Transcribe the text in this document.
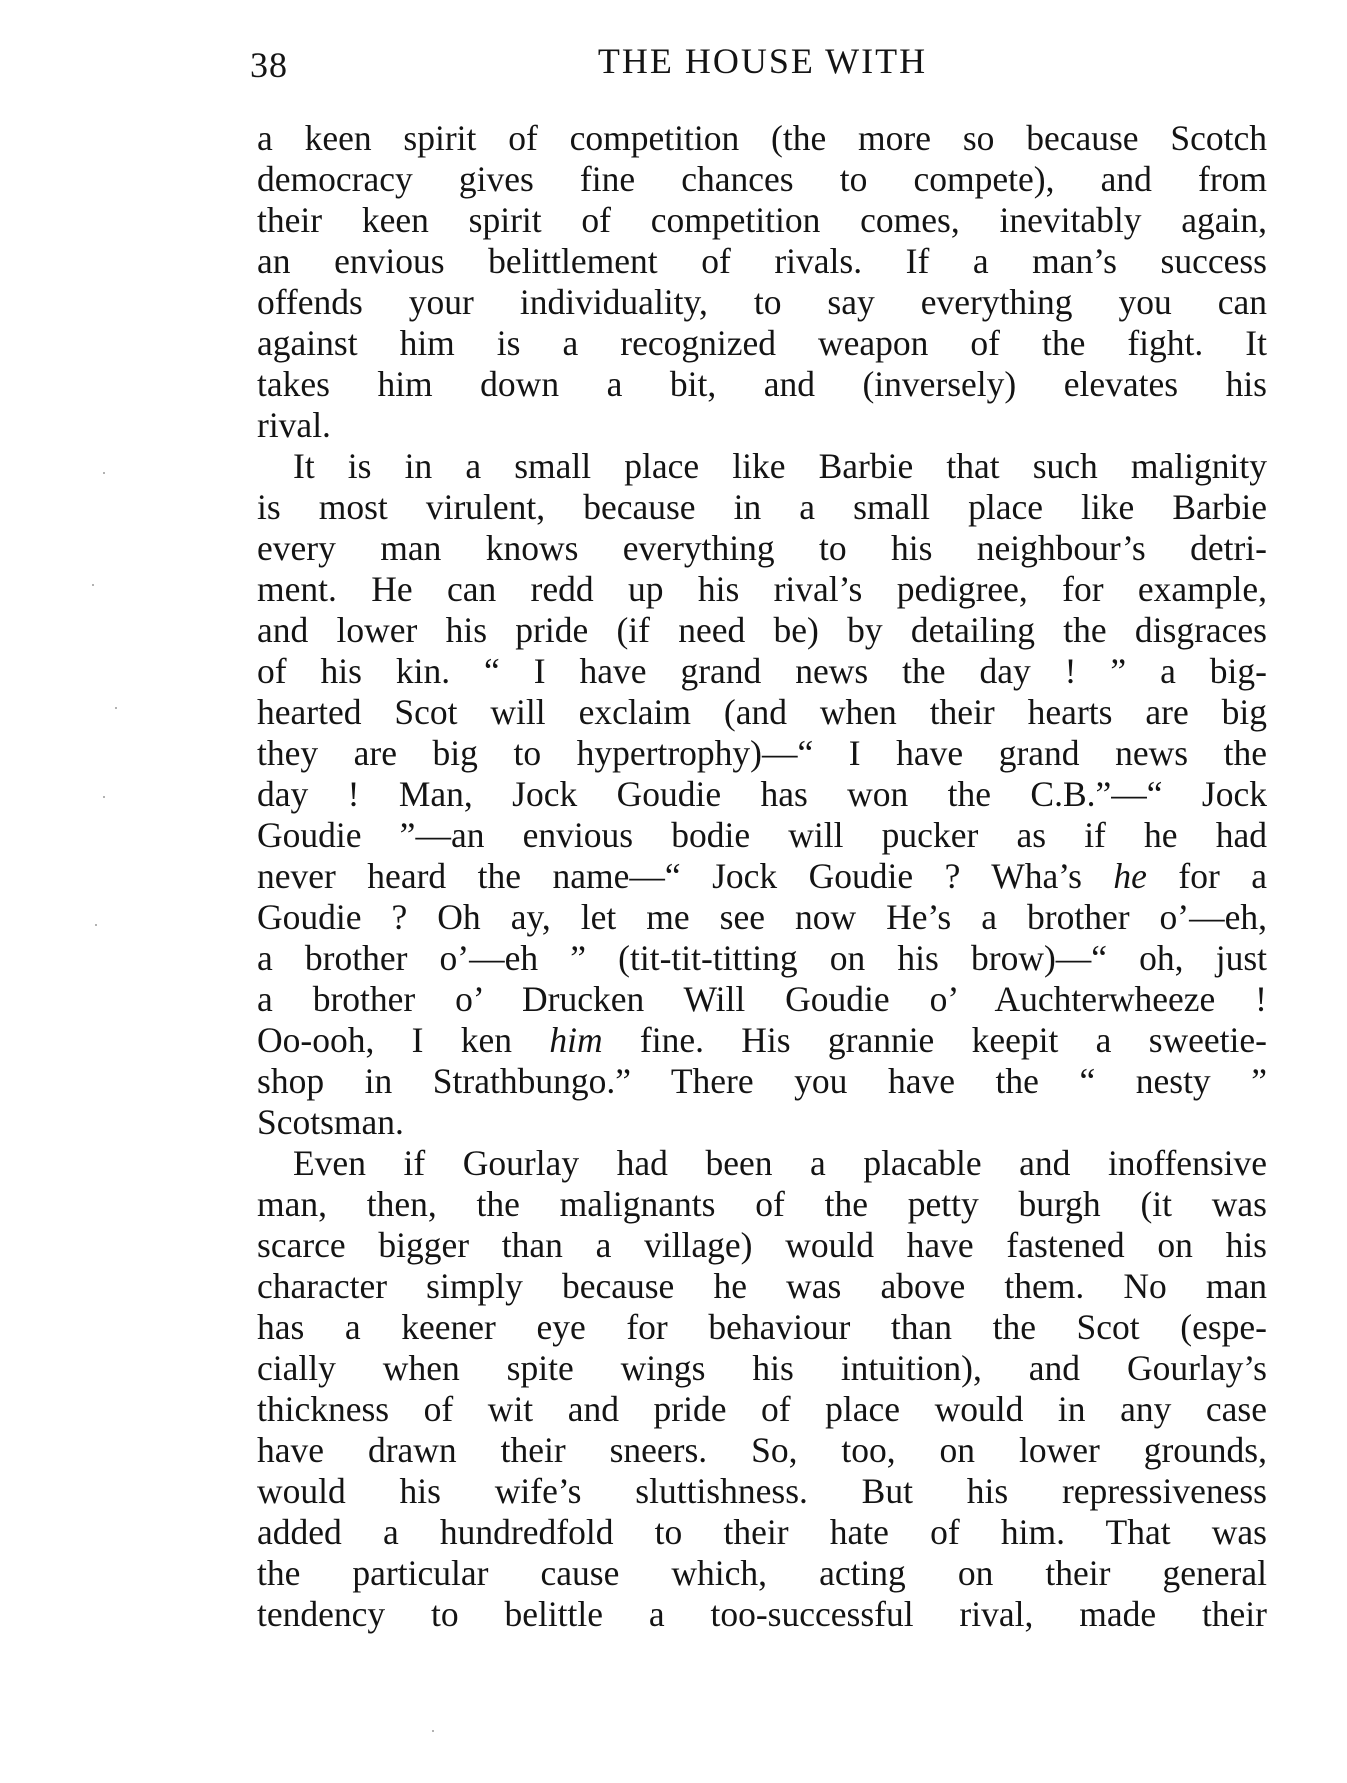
38	THE HOUSE WITH

a keen spirit of competition (the more so because Scotch

democracy gives fine chances to compete), and from

their keen spirit of competition comes, inevitably again,

an envious belittlement of rivals. If a man’s success

offends your individuality, to say everything you can

against him is a recognized weapon of the fight. It

takes him down a bit, and (inversely) elevates his

rival.

It is in a small place like Barbie that such malignity

is most virulent, because in a small place like Barbie

every man knows everything to his neighbour’s detri-

ment. He can redd up his rival’s pedigree, for example,

and lower his pride (if need be) by detailing the disgraces

of his kin. “ I have grand news the day ! ” a big-

hearted Scot will exclaim (and when their hearts are big

they are big to hypertrophy)—“ I have grand news the

day ! Man, Jock Goudie has won the C.B.”—“ Jock

Goudie ”—an envious bodie will pucker as if he had

never heard the name—“ Jock Goudie ? Wha’s he for a

Goudie ? Oh ay, let me see now He’s a brother o’—eh,

a brother o’—eh ” (tit-tit-titting on his brow)—“ oh, just

a brother o’ Drucken Will Goudie o’ Auchterwheeze !

Oo-ooh, I ken him fine. His grannie keepit a sweetie-

shop in Strathbungo.” There you have the “ nesty ”

Scotsman.

Even if Gourlay had been a placable and inoffensive

man, then, the malignants of the petty burgh (it was

scarce bigger than a village) would have fastened on his

character simply because he was above them. No man

has a keener eye for behaviour than the Scot (espe-

cially when spite wings his intuition), and Gourlay’s

thickness of wit and pride of place would in any case

have drawn their sneers. So, too, on lower grounds,

would his wife’s sluttishness. But his repressiveness

added a hundredfold to their hate of him. That was

the particular cause which, acting on their general

tendency to belittle a too-successful rival, made their
